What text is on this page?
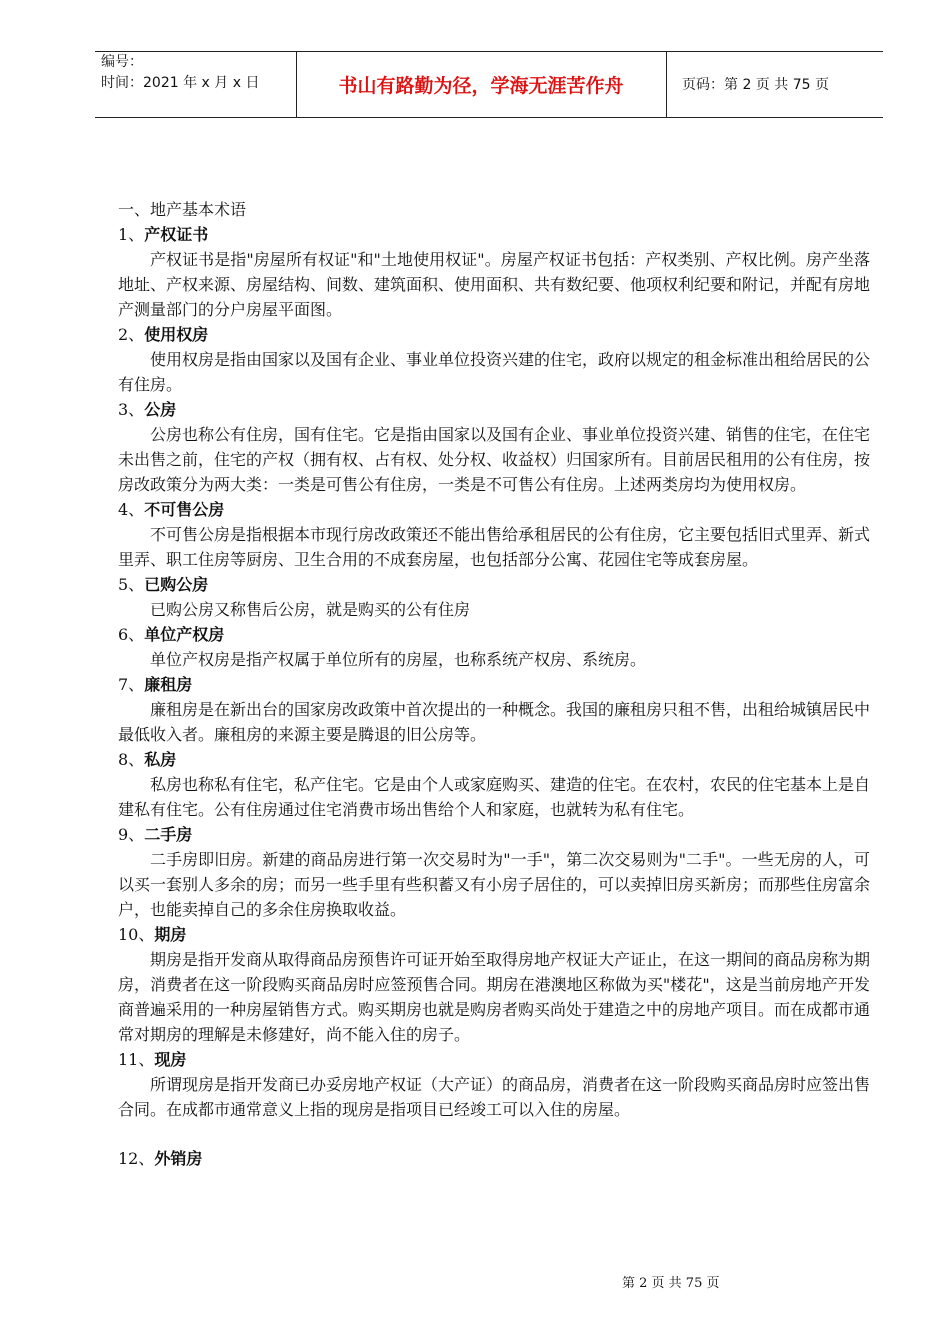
编号：
时间：2021 年 x 月 x 日	书山有路勤为径，学海无涯苦作舟	页码：第 2 页 共 75 页
一、地产基本术语
1、产权证书

产权证书是指"房屋所有权证"和"土地使用权证"。房屋产权证书包括：产权类别、产权比例。房产坐落地址、产权来源、房屋结构、间数、建筑面积、使用面积、共有数纪要、他项权利纪要和附记，并配有房地产测量部门的分户房屋平面图。

2、使用权房

使用权房是指由国家以及国有企业、事业单位投资兴建的住宅，政府以规定的租金标准出租给居民的公有住房。

3、公房

公房也称公有住房，国有住宅。它是指由国家以及国有企业、事业单位投资兴建、销售的住宅，在住宅未出售之前，住宅的产权（拥有权、占有权、处分权、收益权）归国家所有。目前居民租用的公有住房，按房改政策分为两大类：一类是可售公有住房，一类是不可售公有住房。上述两类房均为使用权房。

4、不可售公房

不可售公房是指根据本市现行房改政策还不能出售给承租居民的公有住房，它主要包括旧式里弄、新式里弄、职工住房等厨房、卫生合用的不成套房屋，也包括部分公寓、花园住宅等成套房屋。

5、已购公房

已购公房又称售后公房，就是购买的公有住房

6、单位产权房

单位产权房是指产权属于单位所有的房屋，也称系统产权房、系统房。

7、廉租房

廉租房是在新出台的国家房改政策中首次提出的一种概念。我国的廉租房只租不售，出租给城镇居民中最低收入者。廉租房的来源主要是腾退的旧公房等。

8、私房

私房也称私有住宅，私产住宅。它是由个人或家庭购买、建造的住宅。在农村，农民的住宅基本上是自建私有住宅。公有住房通过住宅消费市场出售给个人和家庭，也就转为私有住宅。

9、二手房

二手房即旧房。新建的商品房进行第一次交易时为"一手"，第二次交易则为"二手"。一些无房的人，可以买一套别人多余的房；而另一些手里有些积蓄又有小房子居住的，可以卖掉旧房买新房；而那些住房富余户，也能卖掉自己的多余住房换取收益。

10、期房

期房是指开发商从取得商品房预售许可证开始至取得房地产权证大产证止，在这一期间的商品房称为期房，消费者在这一阶段购买商品房时应签预售合同。期房在港澳地区称做为买"楼花"，这是当前房地产开发商普遍采用的一种房屋销售方式。购买期房也就是购房者购买尚处于建造之中的房地产项目。而在成都市通常对期房的理解是未修建好，尚不能入住的房子。

11、现房

所谓现房是指开发商已办妥房地产权证（大产证）的商品房，消费者在这一阶段购买商品房时应签出售合同。在成都市通常意义上指的现房是指项目已经竣工可以入住的房屋。

12、外销房
第 2 页 共 75 页
